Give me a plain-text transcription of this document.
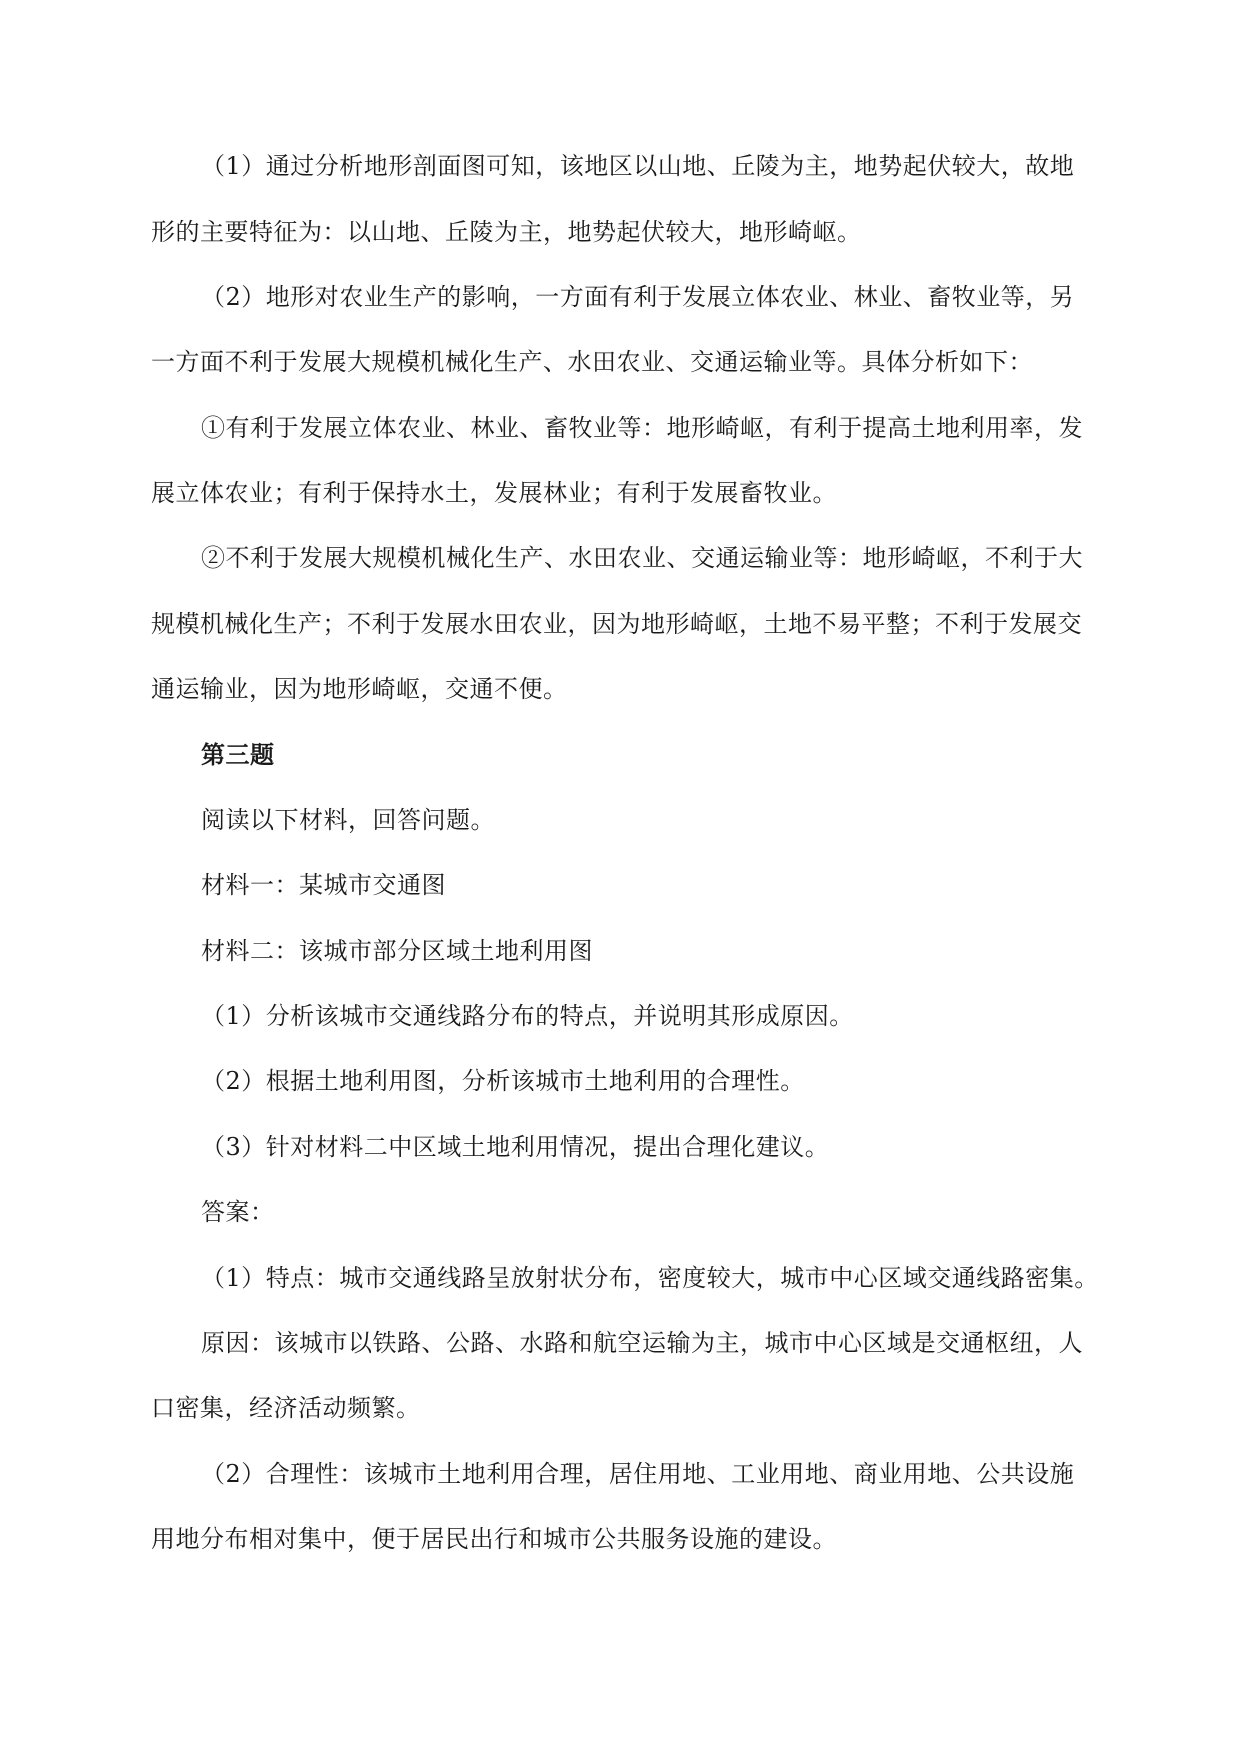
（1）通过分析地形剖面图可知，该地区以山地、丘陵为主，地势起伏较大，故地

形的主要特征为：以山地、丘陵为主，地势起伏较大，地形崎岖。

（2）地形对农业生产的影响，一方面有利于发展立体农业、林业、畜牧业等，另

一方面不利于发展大规模机械化生产、水田农业、交通运输业等。具体分析如下：

①有利于发展立体农业、林业、畜牧业等：地形崎岖，有利于提高土地利用率，发

展立体农业；有利于保持水土，发展林业；有利于发展畜牧业。

②不利于发展大规模机械化生产、水田农业、交通运输业等：地形崎岖，不利于大

规模机械化生产；不利于发展水田农业，因为地形崎岖，土地不易平整；不利于发展交

通运输业，因为地形崎岖，交通不便。

第三题

阅读以下材料，回答问题。

材料一：某城市交通图

材料二：该城市部分区域土地利用图

（1）分析该城市交通线路分布的特点，并说明其形成原因。

（2）根据土地利用图，分析该城市土地利用的合理性。

（3）针对材料二中区域土地利用情况，提出合理化建议。

答案：

（1）特点：城市交通线路呈放射状分布，密度较大，城市中心区域交通线路密集。

原因：该城市以铁路、公路、水路和航空运输为主，城市中心区域是交通枢纽，人

口密集，经济活动频繁。

（2）合理性：该城市土地利用合理，居住用地、工业用地、商业用地、公共设施

用地分布相对集中，便于居民出行和城市公共服务设施的建设。
